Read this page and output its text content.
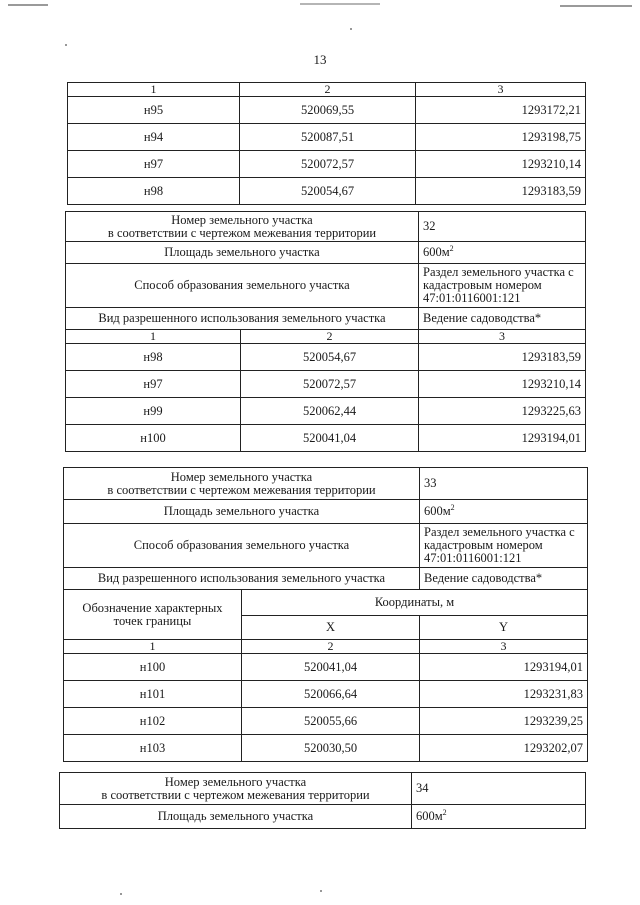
13
1	2	3
н95	520069,55	1293172,21
н94	520087,51	1293198,75
н97	520072,57	1293210,14
н98	520054,67	1293183,59
Номер земельного участка
в соответствии с чертежом межевания территории		32
Площадь земельного участка		$600м^2$
Способ образования земельного участка		Раздел земельного участка с
кадастровым номером
47:01:0116001:121

Вид разрешенного использования земельного участка		Ведение садоводства*
1	2	3
н98	520054,67	1293183,59
н97	520072,57	1293210,14
н99	520062,44	1293225,63
н100	520041,04	1293194,01
Номер земельного участка
в соответствии с чертежом межевания территории		33
Площадь земельного участка		$600м^2$
Способ образования земельного участка		Раздел земельного участка с
кадастровым номером
47:01:0116001:121

Вид разрешенного использования земельного участка		Ведение садоводства*

Обозначение характерных
точек границы	Координаты, м	
	X	Y
1	2	3
н100	520041,04	1293194,01
н101	520066,64	1293231,83
н102	520055,66	1293239,25
н103	520030,50	1293202,07
Номер земельного участка
в соответствии с чертежом межевания территории	34
Площадь земельного участка	$600м^2$
